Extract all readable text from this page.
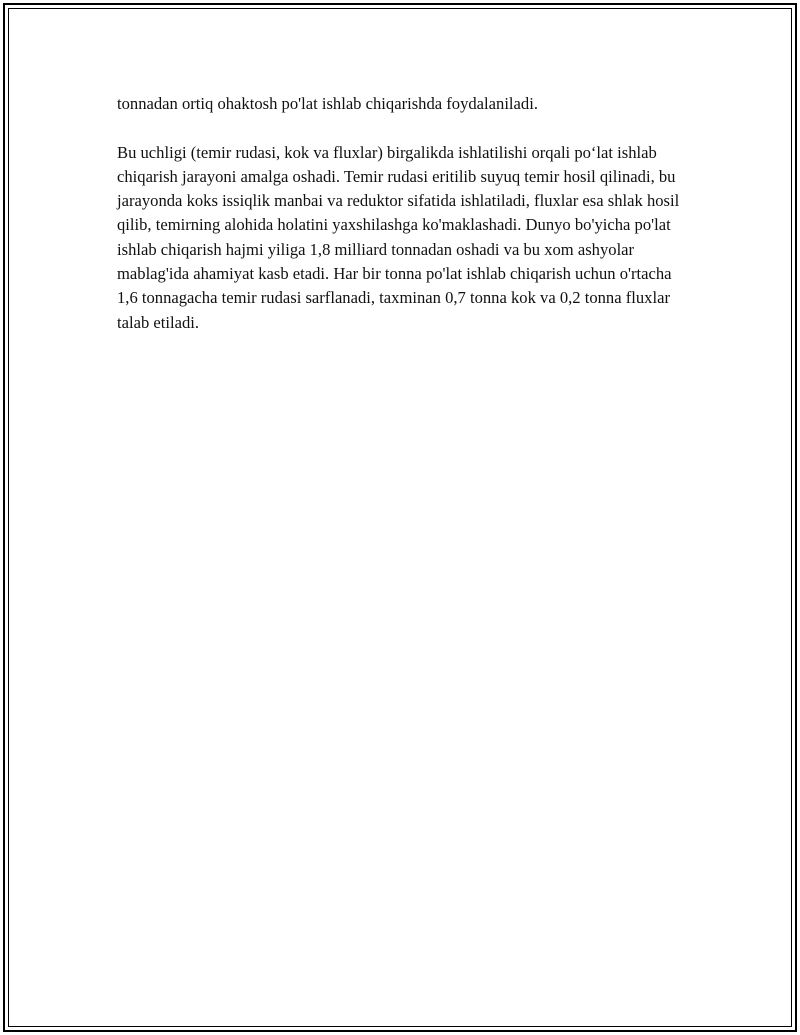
tonnadan ortiq ohaktosh po'lat ishlab chiqarishda foydalaniladi.

Bu uchligi (temir rudasi, kok va fluxlar) birgalikda ishlatilishi orqali po‘lat ishlab chiqarish jarayoni amalga oshadi. Temir rudasi eritilib suyuq temir hosil qilinadi, bu jarayonda koks issiqlik manbai va reduktor sifatida ishlatiladi, fluxlar esa shlak hosil qilib, temirning alohida holatini yaxshilashga ko'maklashadi. Dunyo bo'yicha po'lat ishlab chiqarish hajmi yiliga 1,8 milliard tonnadan oshadi va bu xom ashyolar mablag'ida ahamiyat kasb etadi. Har bir tonna po'lat ishlab chiqarish uchun o'rtacha 1,6 tonnagacha temir rudasi sarflanadi, taxminan 0,7 tonna kok va 0,2 tonna fluxlar talab etiladi.
